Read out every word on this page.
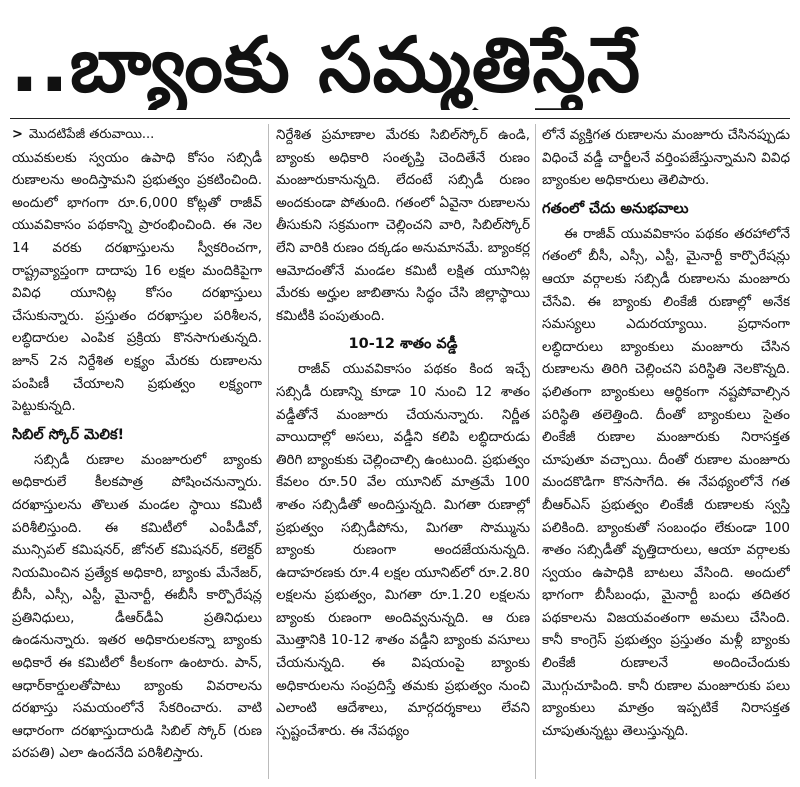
..బ్యాంకు సమ్మతిస్తేనే
> మొదటిపేజీ తరువాయి...

యువకులకు స్వయం ఉపాధి కోసం సబ్సిడీ రుణాలను అందిస్తామని ప్రభుత్వం ప్రకటించింది. అందులో భాగంగా రూ.6,000 కోట్లతో రాజీవ్ యువవికాసం పథకాన్ని ప్రారంభించింది. ఈ నెల 14 వరకు దరఖాస్తులను స్వీకరించగా, రాష్ట్రవ్యాప్తంగా దాదాపు 16 లక్షల మందికిపైగా వివిధ యూనిట్ల కోసం దరఖాస్తులు చేసుకున్నారు. ప్రస్తుతం దరఖాస్తుల పరిశీలన, లబ్ధిదారుల ఎంపిక ప్రక్రియ కొనసాగుతున్నది. జూన్ 2న నిర్దేశిత లక్ష్యం మేరకు రుణాలను పంపిణీ చేయాలని ప్రభుత్వం లక్ష్యంగా పెట్టుకున్నది.

సిబిల్ స్కోర్ మెలిక!

సబ్సిడీ రుణాల మంజూరులో బ్యాంకు అధికారులే కీలకపాత్ర పోషించనున్నారు. దరఖాస్తులను తొలుత మండల స్థాయి కమిటీ పరిశీలిస్తుంది. ఈ కమిటీలో ఎంపీడీవో, మున్సిపల్ కమిషనర్, జోనల్ కమిషనర్, కలెక్టర్ నియమించిన ప్రత్యేక అధికారి, బ్యాంకు మేనేజర్, బీసీ, ఎస్సీ, ఎస్టీ, మైనార్టీ, ఈబీసీ కార్పొరేషన్ల ప్రతినిధులు, డీఆర్‌డీఏ ప్రతినిధులు ఉండనున్నారు. ఇతర అధికారులకన్నా బ్యాంకు అధికారే ఈ కమిటీలో కీలకంగా ఉంటారు. పాన్, ఆధార్‌కార్డులతోపాటు బ్యాంకు వివరాలను దరఖాస్తు సమయంలోనే సేకరించారు. వాటి ఆధారంగా దరఖాస్తుదారుడి సిబిల్ స్కోర్ (రుణ పరపతి) ఎలా ఉందనేది పరిశీలిస్తారు.

నిర్దేశిత ప్రమాణాల మేరకు సిబిల్‌స్కోర్ ఉండి, బ్యాంకు అధికారి సంతృప్తి చెందితేనే రుణం మంజూరుకానున్నది. లేదంటే సబ్సిడీ రుణం అందకుండా పోతుంది. గతంలో ఏవైనా రుణాలను తీసుకుని సక్రమంగా చెల్లించని వారి, సిబిల్‌స్కోర్ లేని వారికి రుణం దక్కడం అనుమానమే. బ్యాంకర్ల ఆమోదంతోనే మండల కమిటీ లక్షిత యూనిట్ల మేరకు అర్హుల జాబితాను సిద్ధం చేసి జిల్లాస్థాయి కమిటీకి పంపుతుంది.

10-12 శాతం వడ్డీ

రాజీవ్ యువవికాసం పథకం కింద ఇచ్చే సబ్సిడీ రుణాన్ని కూడా 10 నుంచి 12 శాతం వడ్డీతోనే మంజూరు చేయనున్నారు. నిర్ణీత వాయిదాల్లో అసలు, వడ్డీని కలిపి లబ్ధిదారుడు తిరిగి బ్యాంకుకు చెల్లించాల్సి ఉంటుంది. ప్రభుత్వం కేవలం రూ.50 వేల యూనిట్ మాత్రమే 100 శాతం సబ్సిడీతో అందిస్తున్నది. మిగతా రుణాల్లో ప్రభుత్వం సబ్సిడీపోను, మిగతా సొమ్మును బ్యాంకు రుణంగా అందజేయనున్నది. ఉదాహరణకు రూ.4 లక్షల యూనిట్‌లో రూ.2.80 లక్షలను ప్రభుత్వం, మిగతా రూ.1.20 లక్షలను బ్యాంకు రుణంగా అందివ్వనున్నది. ఆ రుణ మొత్తానికి 10-12 శాతం వడ్డీని బ్యాంకు వసూలు చేయనున్నది. ఈ విషయంపై బ్యాంకు అధికారులను సంప్రదిస్తే తమకు ప్రభుత్వం నుంచి ఎలాంటి ఆదేశాలు, మార్గదర్శకాలు లేవని స్పష్టంచేశారు. ఈ నేపథ్యం

లోనే వ్యక్తిగత రుణాలను మంజూరు చేసినప్పుడు విధించే వడ్డీ చార్జీలనే వర్తింపజేస్తున్నామని వివిధ బ్యాంకుల అధికారులు తెలిపారు.

గతంలో చేదు అనుభవాలు

ఈ రాజీవ్ యువవికాసం పథకం తరహాలోనే గతంలో బీసీ, ఎస్సీ, ఎస్టీ, మైనార్టీ కార్పొరేషన్లు ఆయా వర్గాలకు సబ్సిడీ రుణాలను మంజూరు చేసేవి. ఈ బ్యాంకు లింకేజీ రుణాల్లో అనేక సమస్యలు ఎదురయ్యాయి. ప్రధానంగా లబ్ధిదారులు బ్యాంకులు మంజూరు చేసిన రుణాలను తిరిగి చెల్లించని పరిస్థితి నెలకొన్నది. ఫలితంగా బ్యాంకులు ఆర్థికంగా నష్టపోవాల్సిన పరిస్థితి తలెత్తింది. దీంతో బ్యాంకులు సైతం లింకేజీ రుణాల మంజూరుకు నిరాసక్తత చూపుతూ వచ్చాయి. దీంతో రుణాల మంజూరు మందకొడిగా కొనసాగేది. ఈ నేపథ్యంలోనే గత బీఆర్‌ఎస్ ప్రభుత్వం లింకేజీ రుణాలకు స్వస్తి పలికింది. బ్యాంకుతో సంబంధం లేకుండా 100 శాతం సబ్సిడీతో వృత్తిదారులు, ఆయా వర్గాలకు స్వయం ఉపాధికి బాటలు వేసింది. అందులో భాగంగా బీసీబంధు, మైనార్టీ బంధు తదితర పథకాలను విజయవంతంగా అమలు చేసింది. కానీ కాంగ్రెస్ ప్రభుత్వం ప్రస్తుతం మళ్లీ బ్యాంకు లింకేజీ రుణాలనే అందించేందుకు మొగ్గుచూపింది. కానీ రుణాల మంజూరుకు పలు బ్యాంకులు మాత్రం ఇప్పటికే నిరాసక్తత చూపుతున్నట్టు తెలుస్తున్నది.
